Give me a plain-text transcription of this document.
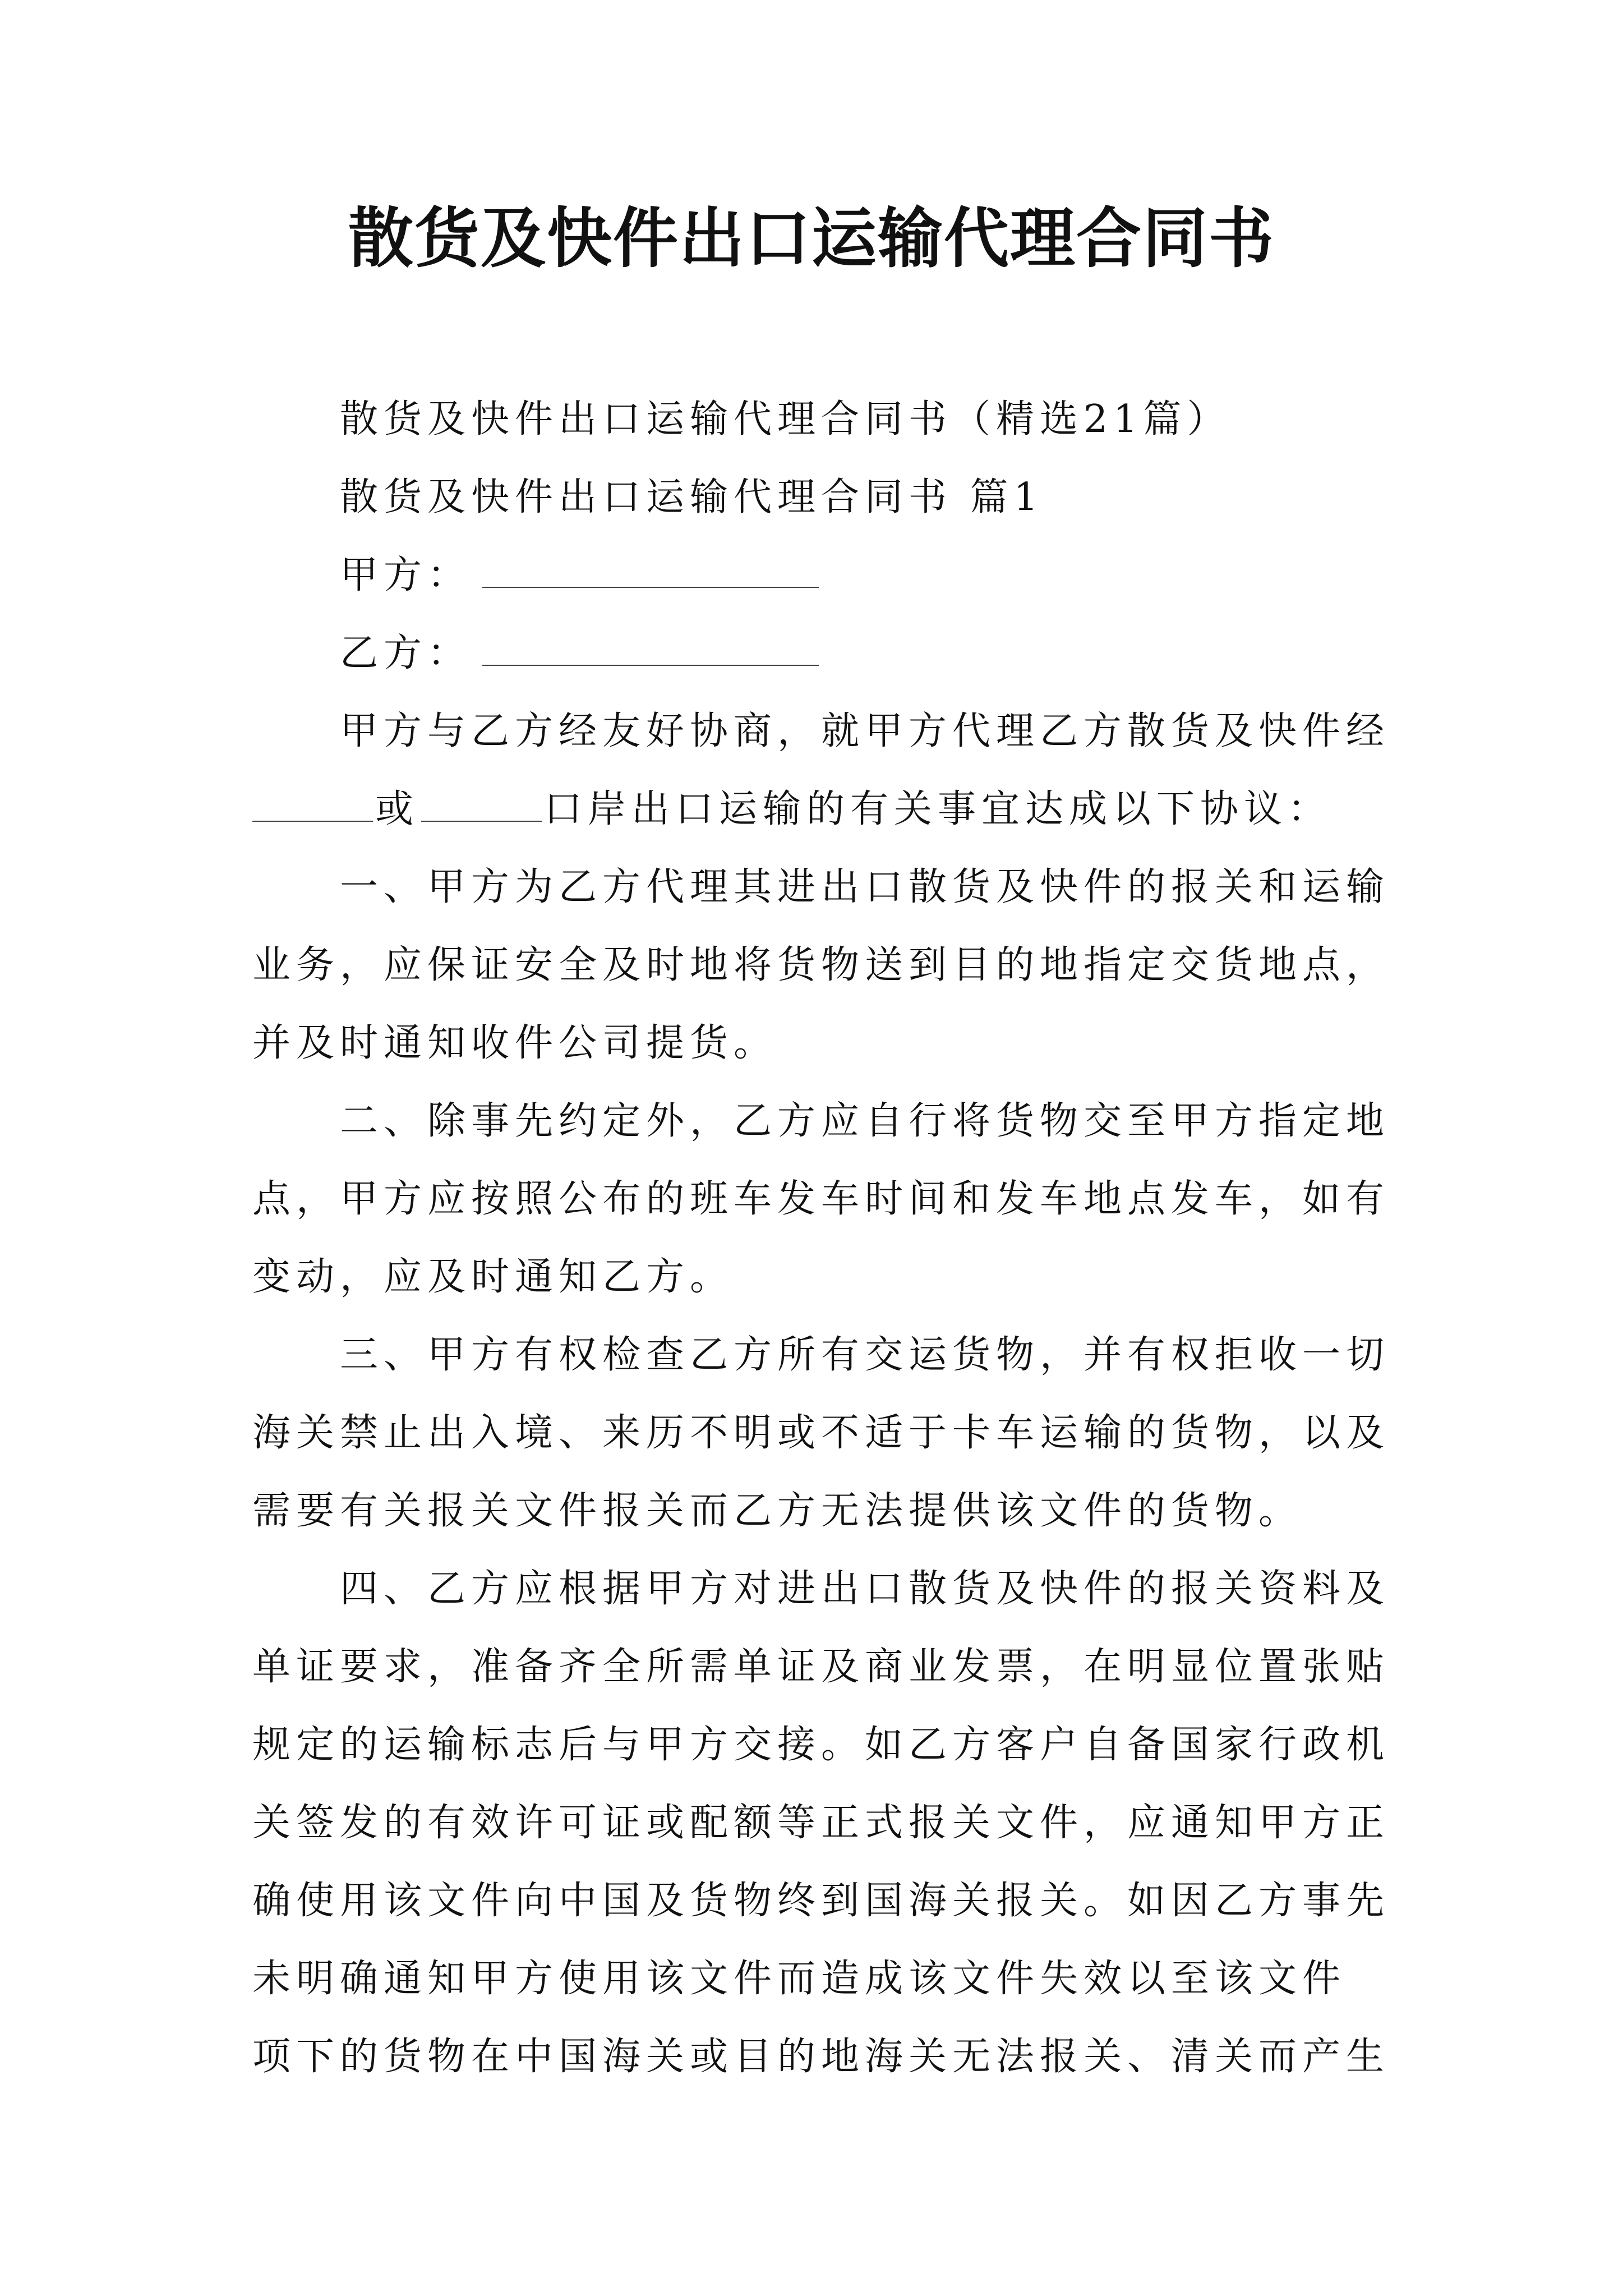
散货及快件出口运输代理合同书
散货及快件出口运输代理合同书（精选21篇）
散货及快件出口运输代理合同书 篇1
甲方：
乙方：
甲方与乙方经友好协商，就甲方代理乙方散货及快件经
或	口岸出口运输的有关事宜达成以下协议：
一、甲方为乙方代理其进出口散货及快件的报关和运输
业务，应保证安全及时地将货物送到目的地指定交货地点，
并及时通知收件公司提货。
二、除事先约定外，乙方应自行将货物交至甲方指定地
点，甲方应按照公布的班车发车时间和发车地点发车，如有
变动，应及时通知乙方。
三、甲方有权检查乙方所有交运货物，并有权拒收一切
海关禁止出入境、来历不明或不适于卡车运输的货物，以及
需要有关报关文件报关而乙方无法提供该文件的货物。
四、乙方应根据甲方对进出口散货及快件的报关资料及
单证要求，准备齐全所需单证及商业发票，在明显位置张贴
规定的运输标志后与甲方交接。如乙方客户自备国家行政机
关签发的有效许可证或配额等正式报关文件，应通知甲方正
确使用该文件向中国及货物终到国海关报关。如因乙方事先
未明确通知甲方使用该文件而造成该文件失效以至该文件
项下的货物在中国海关或目的地海关无法报关、清关而产生
